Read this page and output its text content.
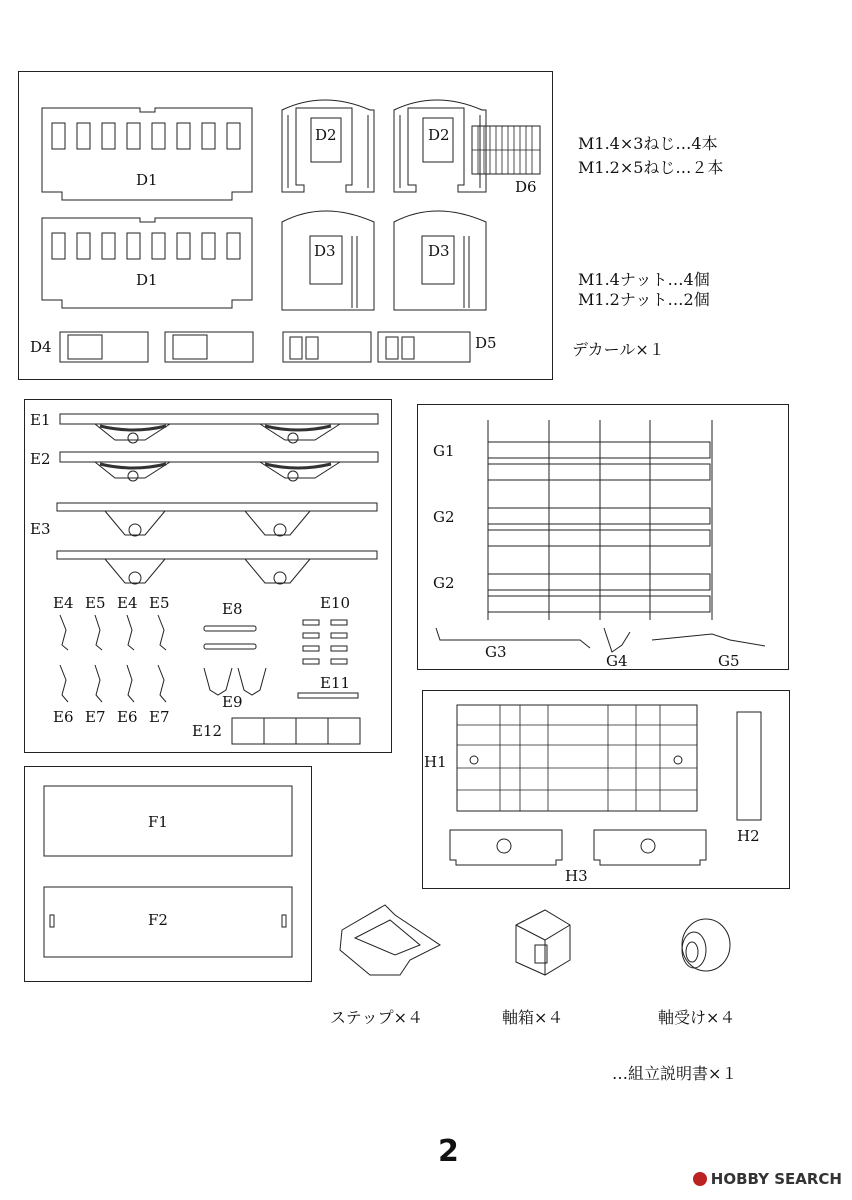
D1
D1
D2	D2
D3	D3
D4	D5
D6
M1.4×3ねじ…4本
M1.2×5ねじ…２本
M1.4ナット…4個
M1.2ナット…2個
デカール×１
E1
E2
E3
E4 E5 E4 E5	E8	E10
E6 E7 E6 E7
E9
E11
E12
G1
G2
G2
G3	G4	G5
H1
H2
H3
F1
F2
ステップ×４	軸箱×４	軸受け×４
…組立説明書×１
2
HOBBY SEARCH
